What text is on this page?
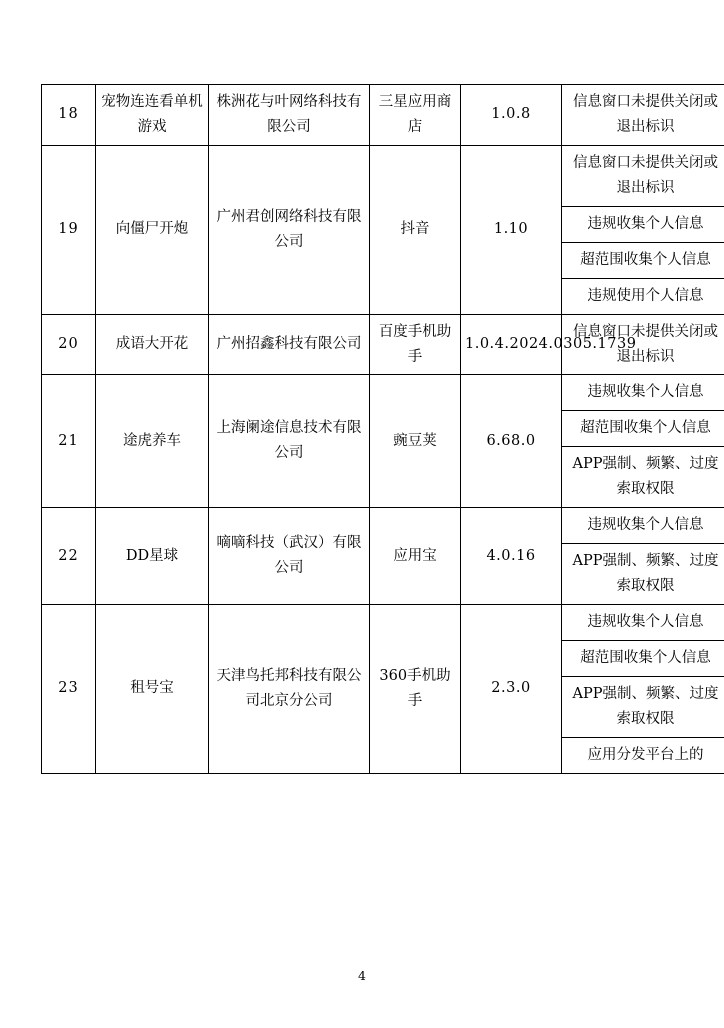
18	宠物连连看单机游戏	株洲花与叶网络科技有限公司	三星应用商店	1.0.8	信息窗口未提供关闭或退出标识

19	向僵尸开炮	广州君创网络科技有限公司	抖音	1.10	信息窗口未提供关闭或退出标识
违规收集个人信息
超范围收集个人信息
违规使用个人信息

20	成语大开花	广州招鑫科技有限公司	百度手机助手	1.0.4.2024.0305.1739	信息窗口未提供关闭或退出标识

21	途虎养车	上海阑途信息技术有限公司	豌豆荚	6.68.0	违规收集个人信息
超范围收集个人信息
APP强制、频繁、过度索取权限

22	DD星球	嘀嘀科技（武汉）有限公司	应用宝	4.0.16	违规收集个人信息
APP强制、频繁、过度索取权限

23	租号宝	天津鸟托邦科技有限公司北京分公司	360手机助手	2.3.0	违规收集个人信息
超范围收集个人信息
APP强制、频繁、过度索取权限
应用分发平台上的
4
